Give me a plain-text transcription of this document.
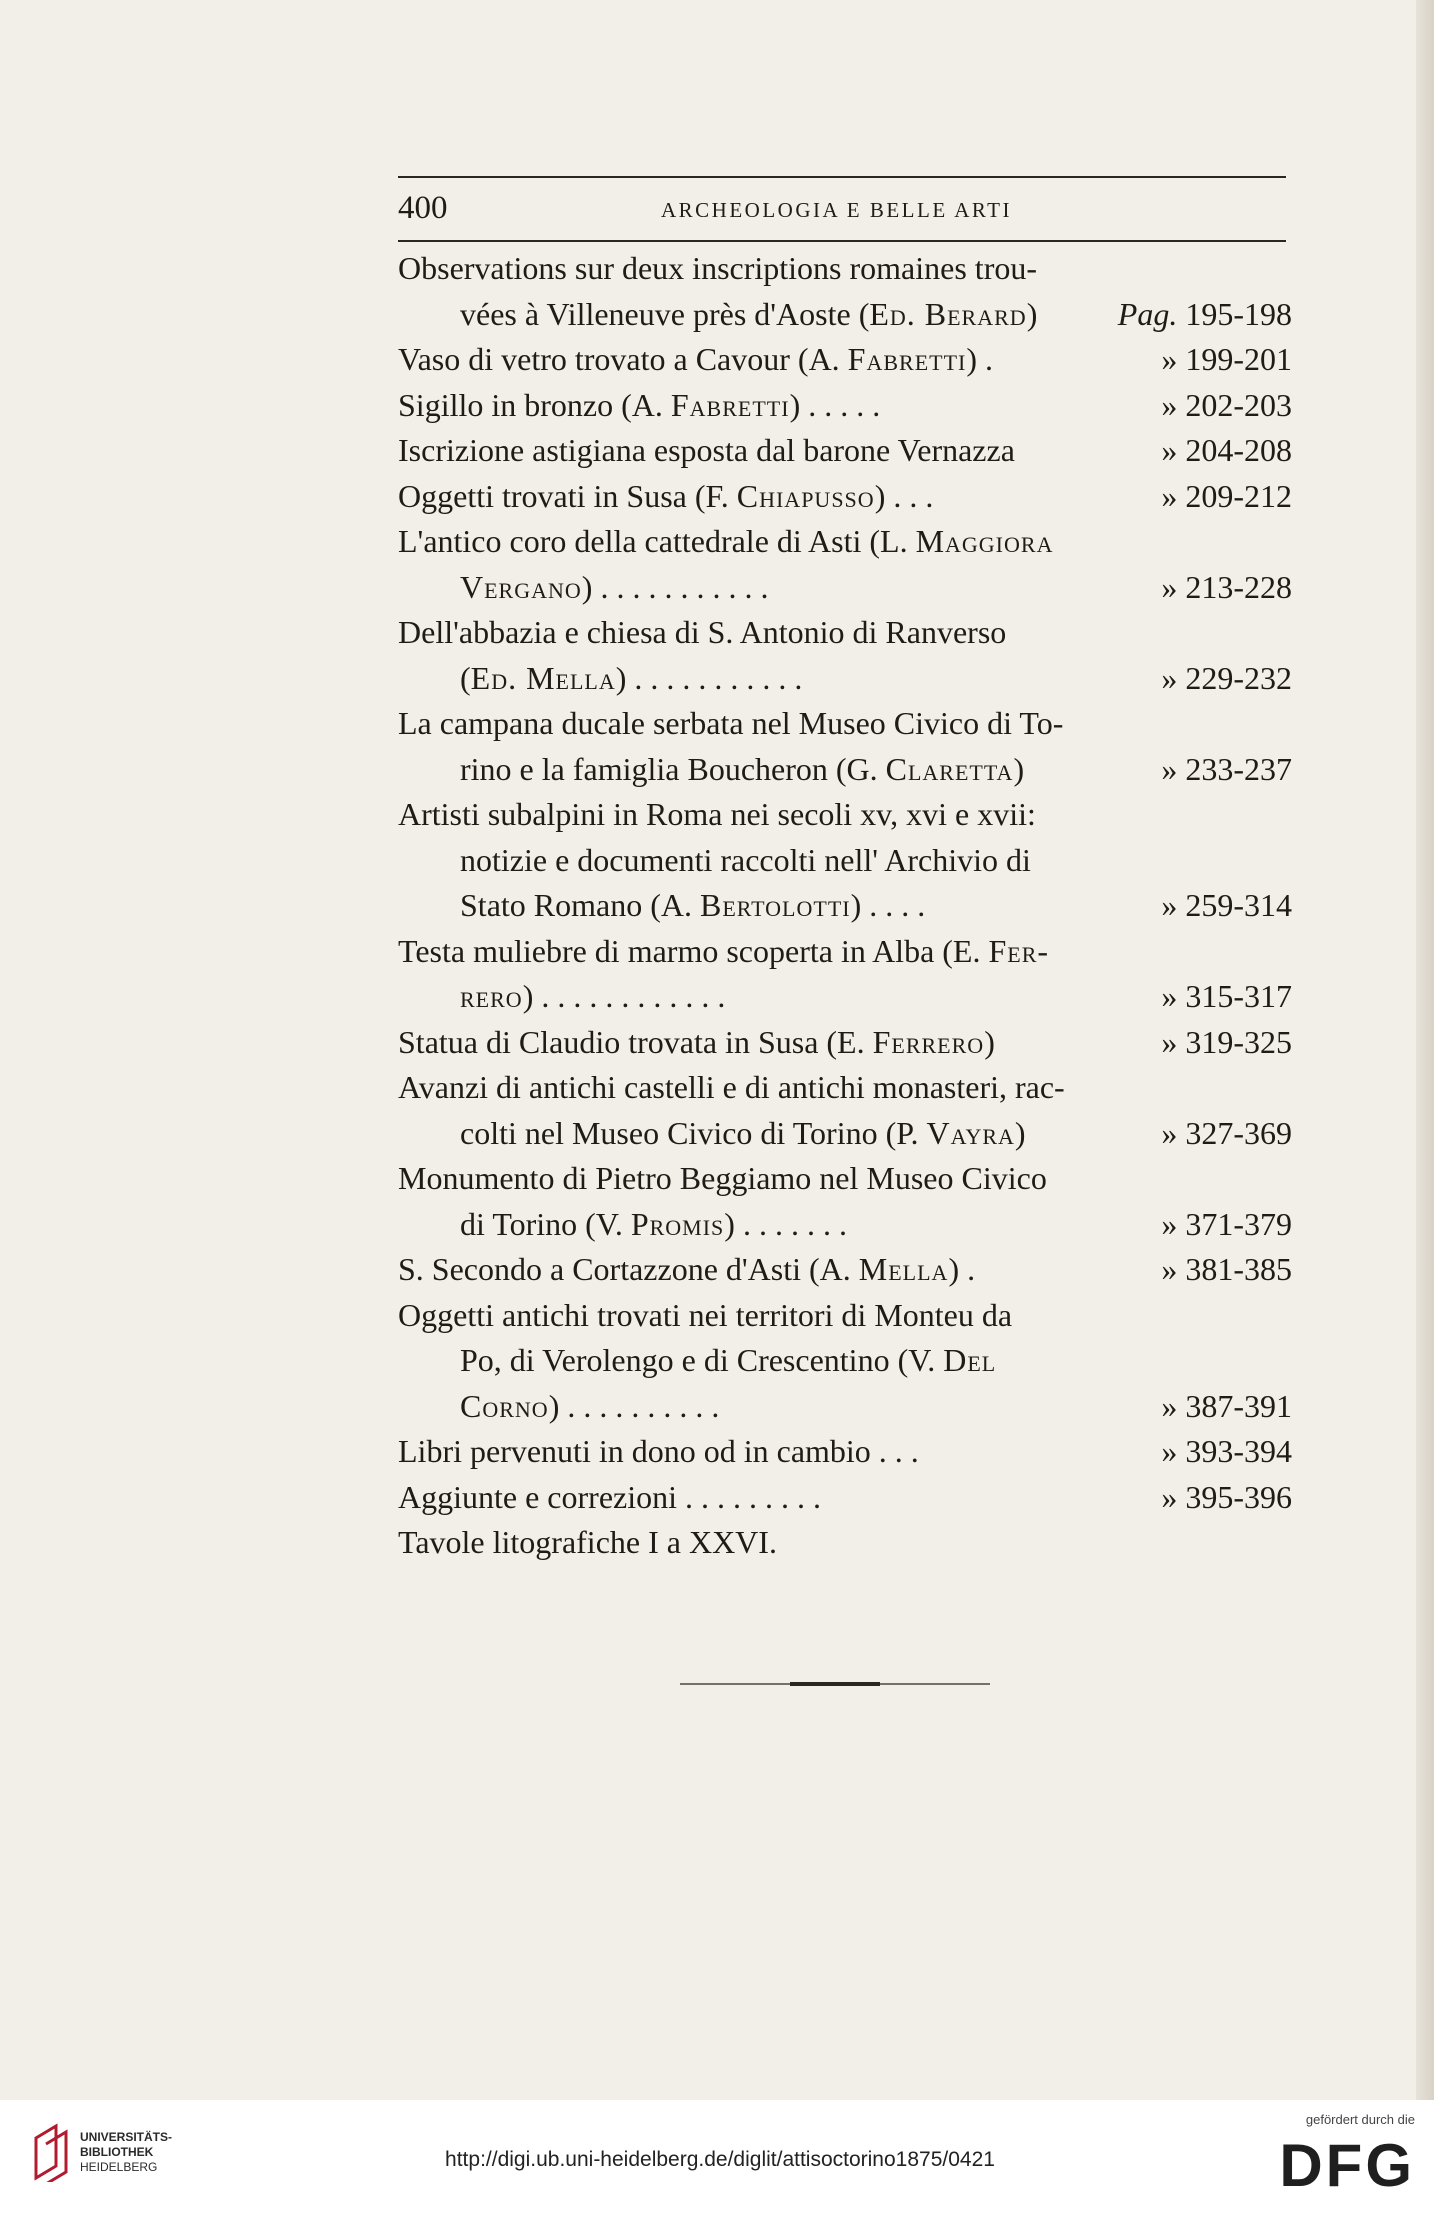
400	ARCHEOLOGIA E BELLE ARTI
Observations sur deux inscriptions romaines trou-
vées à Villeneuve près d'Aoste (Ed. Berard)	Pag. 195-198
Vaso di vetro trovato a Cavour (A. Fabretti) .	» 199-201
Sigillo in bronzo (A. Fabretti) . . . . .	» 202-203
Iscrizione astigiana esposta dal barone Vernazza	» 204-208
Oggetti trovati in Susa (F. Chiapusso) . . .	» 209-212
L'antico coro della cattedrale di Asti (L. Maggiora
Vergano) . . . . . . . . . . .	» 213-228
Dell'abbazia e chiesa di S. Antonio di Ranverso
(Ed. Mella) . . . . . . . . . . .	» 229-232
La campana ducale serbata nel Museo Civico di To-
rino e la famiglia Boucheron (G. Claretta)	» 233-237
Artisti subalpini in Roma nei secoli xv, xvi e xvii:
notizie e documenti raccolti nell' Archivio di
Stato Romano (A. Bertolotti) . . . .	» 259-314
Testa muliebre di marmo scoperta in Alba (E. Fer-
rero) . . . . . . . . . . . .	» 315-317
Statua di Claudio trovata in Susa (E. Ferrero)	» 319-325
Avanzi di antichi castelli e di antichi monasteri, rac-
colti nel Museo Civico di Torino (P. Vayra)	» 327-369
Monumento di Pietro Beggiamo nel Museo Civico
di Torino (V. Promis) . . . . . . .	» 371-379
S. Secondo a Cortazzone d'Asti (A. Mella) .	» 381-385
Oggetti antichi trovati nei territori di Monteu da
Po, di Verolengo e di Crescentino (V. Del
Corno) . . . . . . . . . .	» 387-391
Libri pervenuti in dono od in cambio . . .	» 393-394
Aggiunte e correzioni . . . . . . . . .	» 395-396
Tavole litografiche I a XXVI.
UNIVERSITÄTS-
BIBLIOTHEK
HEIDELBERG	http://digi.ub.uni-heidelberg.de/diglit/attisoctorino1875/0421
gefördert durch die
DFG
